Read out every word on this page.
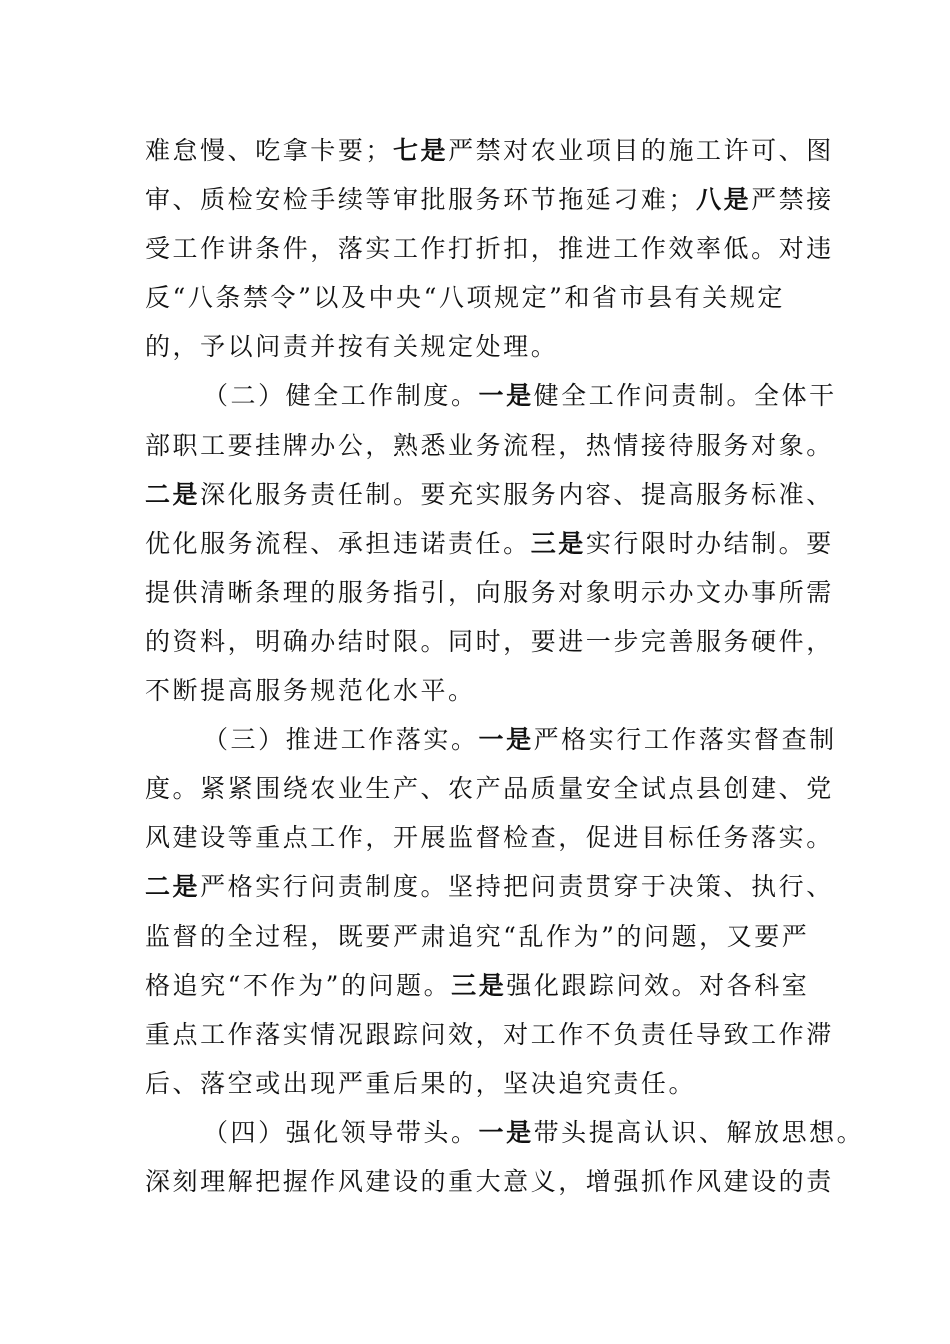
难怠慢、吃拿卡要；七是严禁对农业项目的施工许可、图
审、质检安检手续等审批服务环节拖延刁难；八是严禁接
受工作讲条件，落实工作打折扣，推进工作效率低。对违
反“八条禁令”以及中央“八项规定”和省市县有关规定
的，予以问责并按有关规定处理。
（二）健全工作制度。一是健全工作问责制。全体干
部职工要挂牌办公，熟悉业务流程，热情接待服务对象。
二是深化服务责任制。要充实服务内容、提高服务标准、
优化服务流程、承担违诺责任。三是实行限时办结制。要
提供清晰条理的服务指引，向服务对象明示办文办事所需
的资料，明确办结时限。同时，要进一步完善服务硬件，
不断提高服务规范化水平。
（三）推进工作落实。一是严格实行工作落实督查制
度。紧紧围绕农业生产、农产品质量安全试点县创建、党
风建设等重点工作，开展监督检查，促进目标任务落实。
二是严格实行问责制度。坚持把问责贯穿于决策、执行、
监督的全过程，既要严肃追究“乱作为”的问题，又要严
格追究“不作为”的问题。三是强化跟踪问效。对各科室
重点工作落实情况跟踪问效，对工作不负责任导致工作滞
后、落空或出现严重后果的，坚决追究责任。
（四）强化领导带头。一是带头提高认识、解放思想。
深刻理解把握作风建设的重大意义，增强抓作风建设的责
